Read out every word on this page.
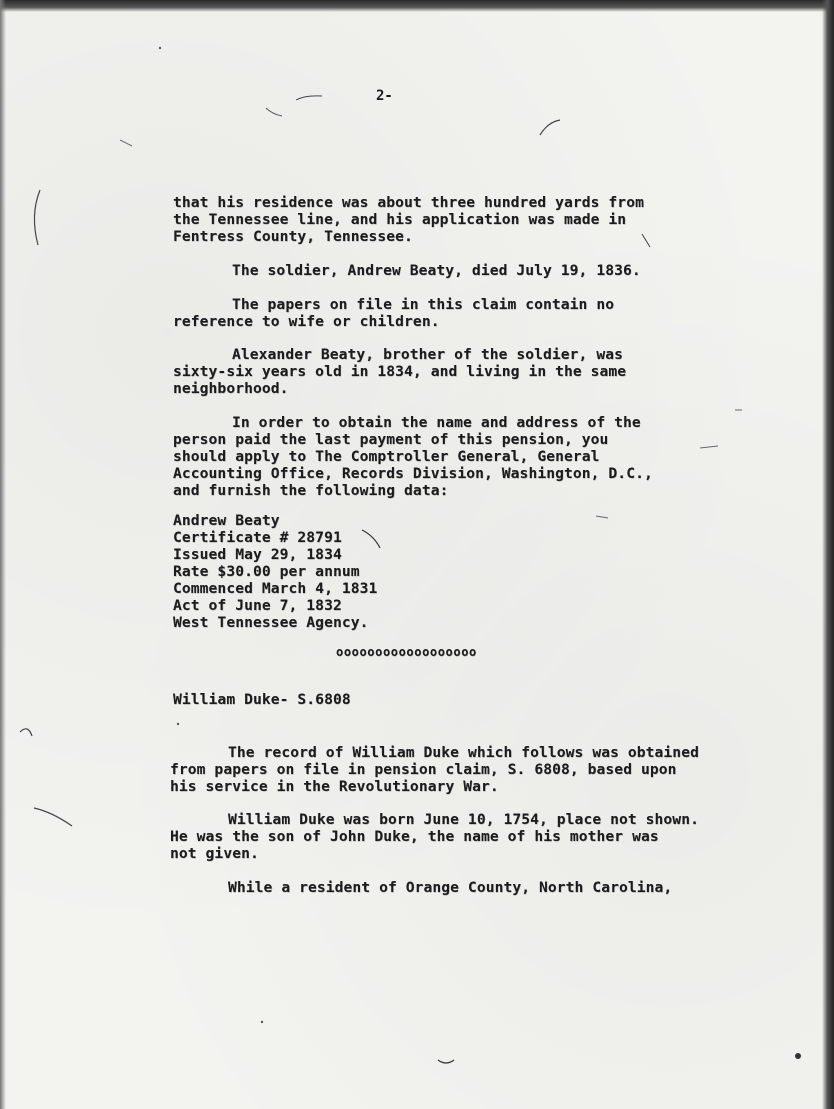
2-
that his residence was about three hundred yards from
the Tennessee line, and his application was made in
Fentress County, Tennessee.
The soldier, Andrew Beaty, died July 19, 1836.
The papers on file in this claim contain no
reference to wife or children.
Alexander Beaty, brother of the soldier, was
sixty-six years old in 1834, and living in the same
neighborhood.
In order to obtain the name and address of the
person paid the last payment of this pension, you
should apply to The Comptroller General, General
Accounting Office, Records Division, Washington, D.C.,
and furnish the following data:
Andrew Beaty
Certificate # 28791
Issued May 29, 1834
Rate $30.00 per annum
Commenced March 4, 1831
Act of June 7, 1832
West Tennessee Agency.
oooooooooooooooooo
William Duke- S.6808
The record of William Duke which follows was obtained
from papers on file in pension claim, S. 6808, based upon
his service in the Revolutionary War.
William Duke was born June 10, 1754, place not shown.
He was the son of John Duke, the name of his mother was
not given.
While a resident of Orange County, North Carolina,
